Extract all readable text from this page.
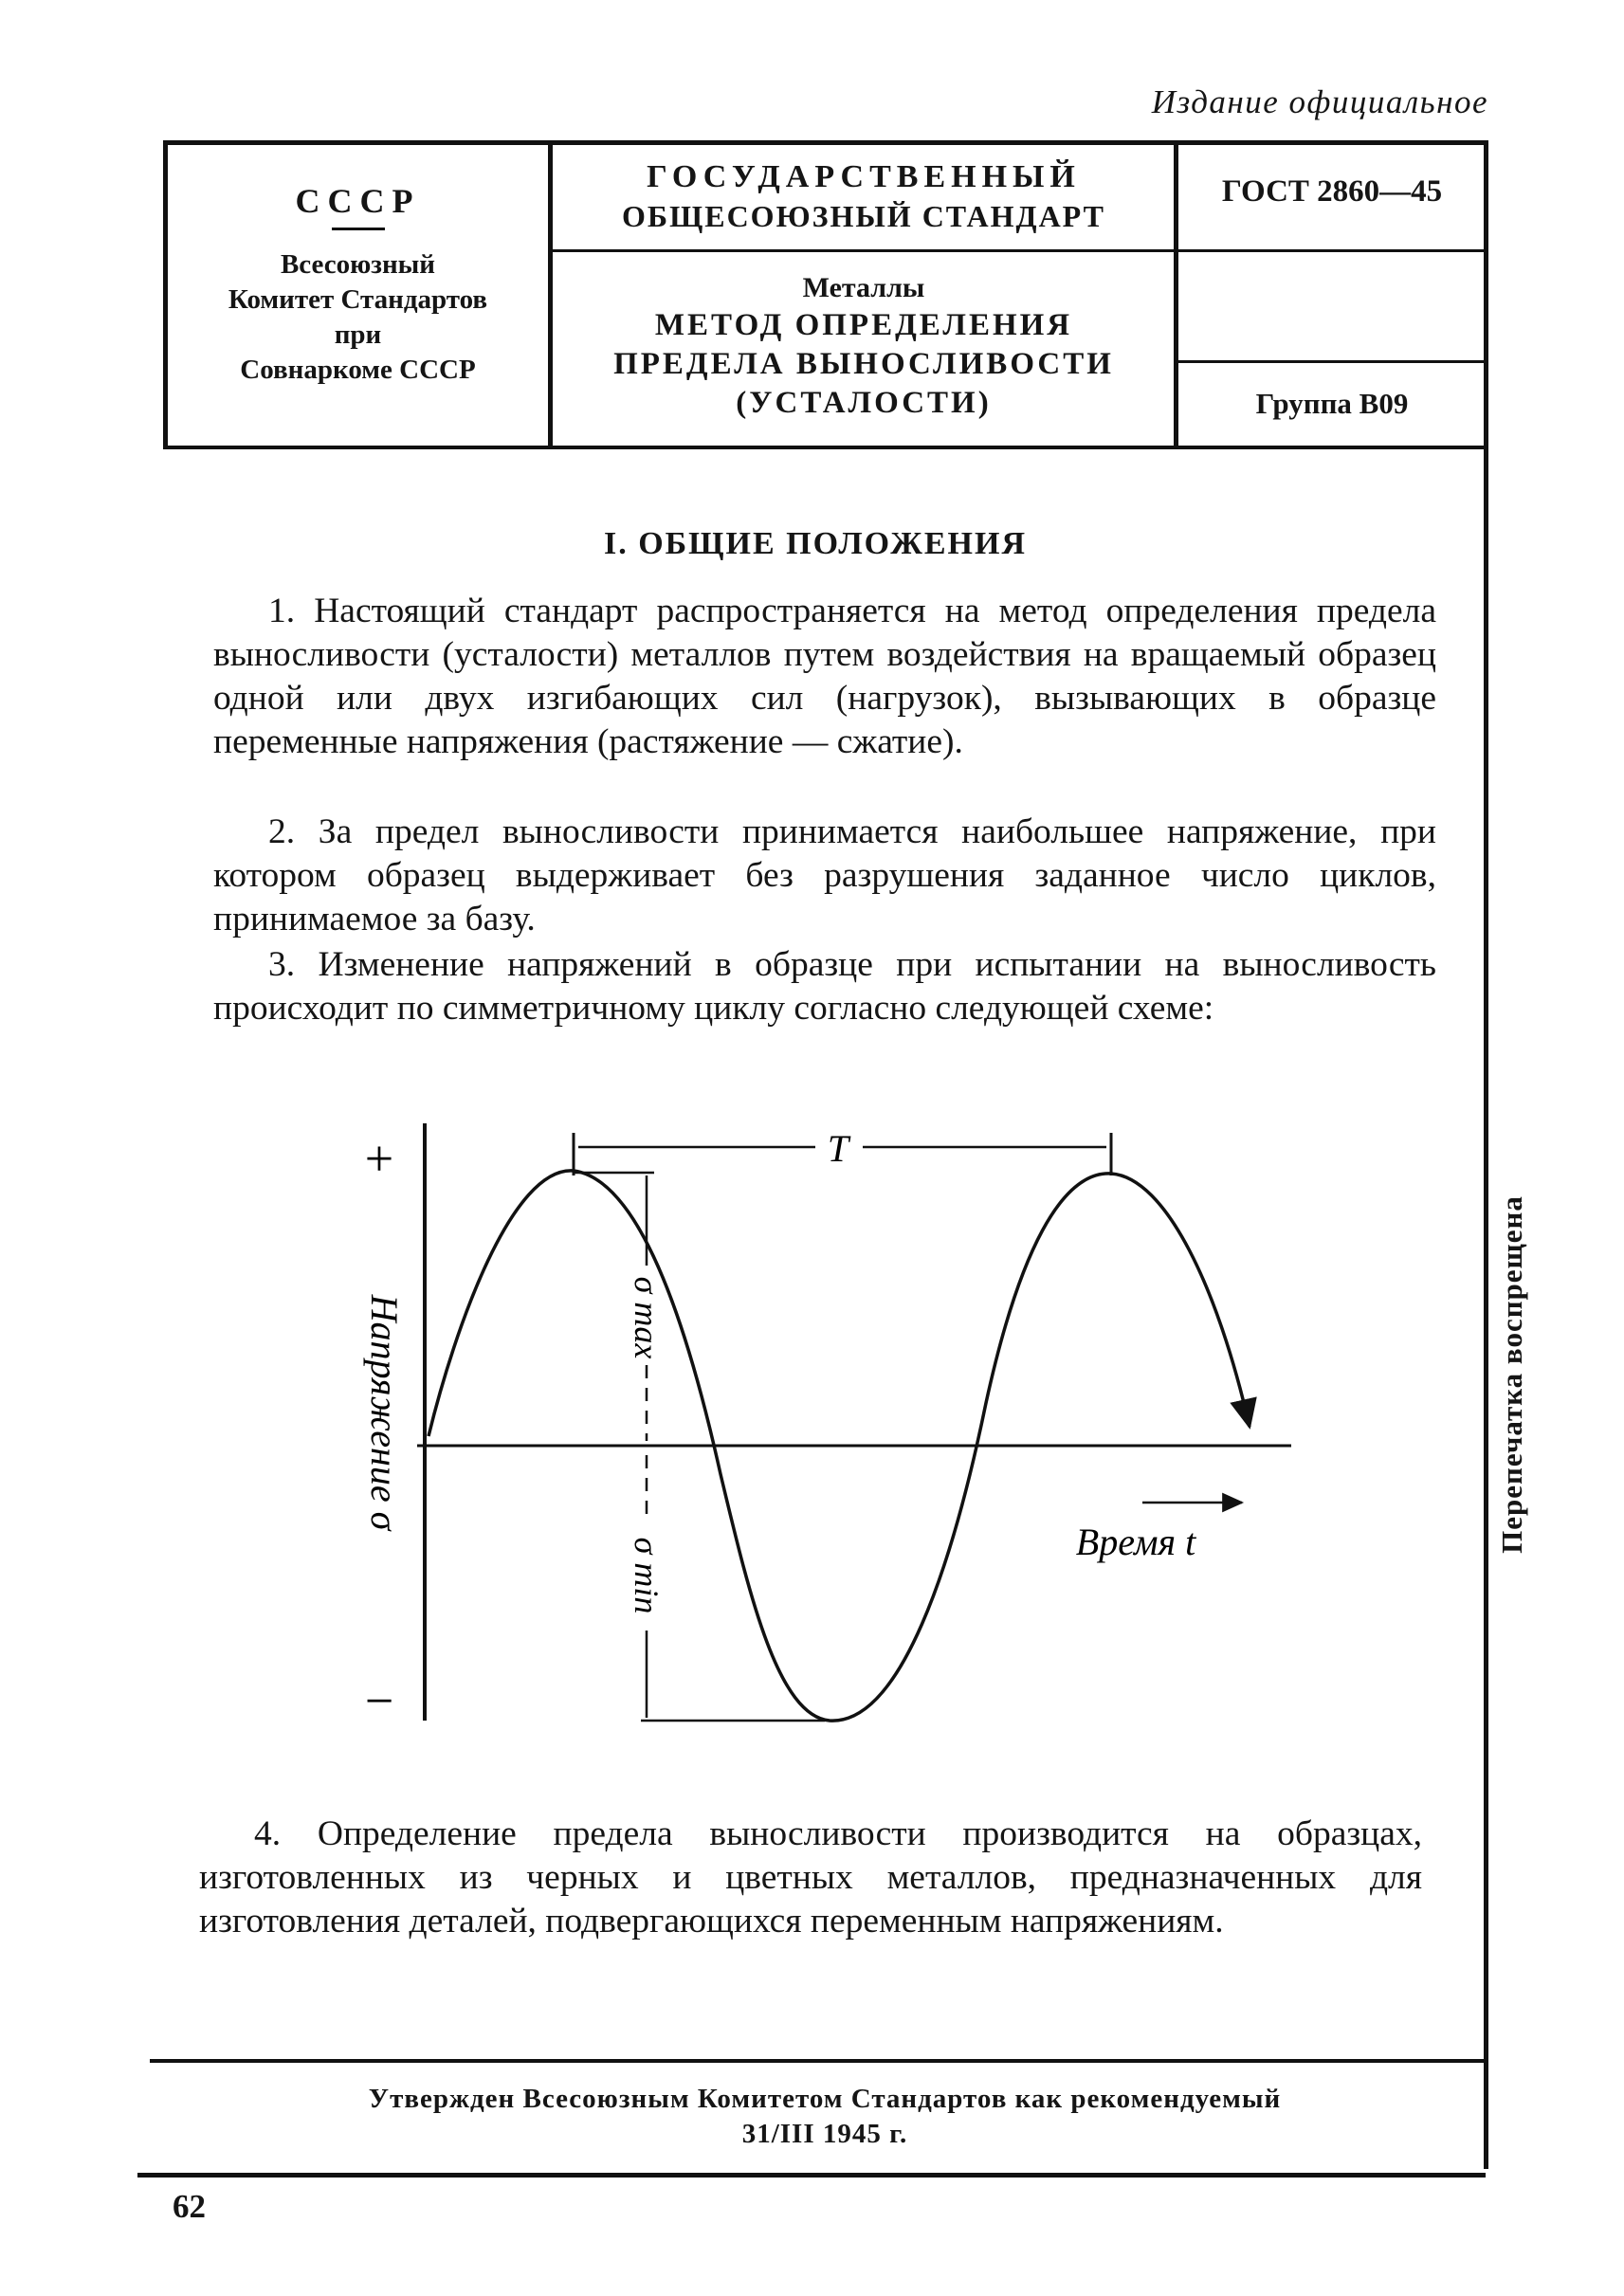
Издание официальное
СССР
Всесоюзный
Комитет Стандартов
при
Совнаркоме СССР
ГОСУДАРСТВЕННЫЙ
ОБЩЕСОЮЗНЫЙ СТАНДАРТ
Металлы
МЕТОД ОПРЕДЕЛЕНИЯ
ПРЕДЕЛА ВЫНОСЛИВОСТИ
(УСТАЛОСТИ)
ГОСТ 2860—45
Группа В09
I. ОБЩИЕ ПОЛОЖЕНИЯ
1. Настоящий стандарт распространяется на метод определения предела выносливости (усталости) металлов путем воздействия на вращаемый образец одной или двух изгибающих сил (нагрузок), вызывающих в образце переменные напряжения (растяжение — сжатие).
2. За предел выносливости принимается наибольшее напряжение, при котором образец выдерживает без разрушения заданное число циклов, принимаемое за базу.
3. Изменение напряжений в образце при испытании на выносливость происходит по симметричному циклу согласно следующей схеме:
+
−
Напряжение σ
T
σ max
σ min	Время t
4. Определение предела выносливости производится на образцах, изготовленных из черных и цветных металлов, предназначенных для изготовления деталей, подвергающихся переменным напряжениям.
Перепечатка воспрещена
Утвержден Всесоюзным Комитетом Стандартов как рекомендуемый
31/III 1945 г.
62
